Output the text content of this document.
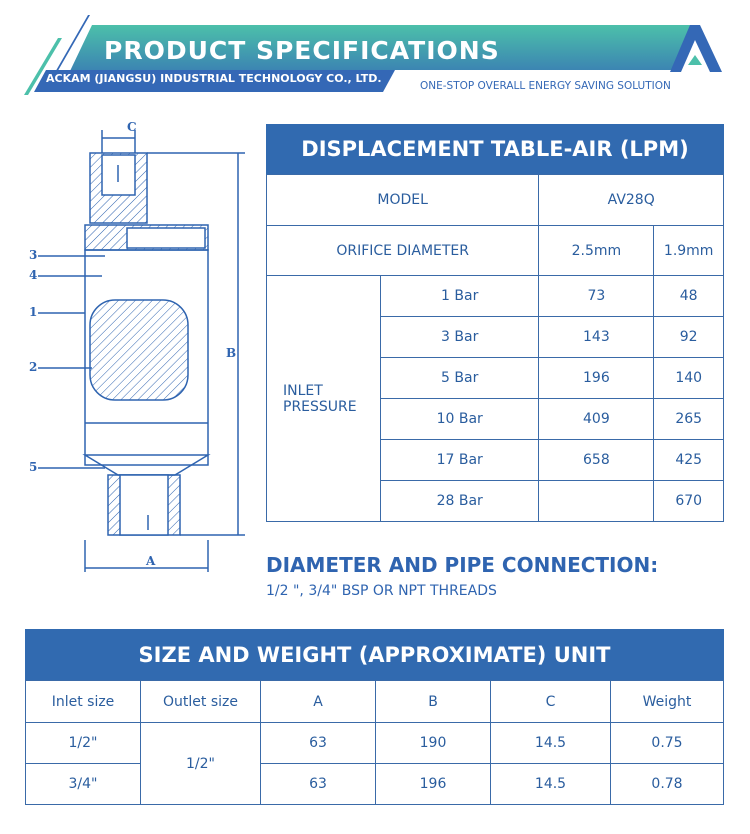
PRODUCT SPECIFICATIONS
ACKAM (JIANGSU) INDUSTRIAL TECHNOLOGY CO., LTD.
ONE-STOP OVERALL ENERGY SAVING SOLUTION
3
4
1
2
5
C
B
A
DISPLACEMENT TABLE-AIR (LPM)
MODEL		AV28Q	
ORIFICE DIAMETER		2.5mm	1.9mm
INLET
PRESSURE	1 Bar	73	48
	3 Bar	143	92
	5 Bar	196	140
	10 Bar	409	265
	17 Bar	658	425
	28 Bar		670
DIAMETER AND PIPE CONNECTION:
1/2 ", 3/4" BSP OR NPT THREADS
SIZE AND WEIGHT (APPROXIMATE) UNIT
Inlet size	Outlet size	A	B	C	Weight
1/2"	1/2"	63	190	14.5	0.75
3/4"		63	196	14.5	0.78
